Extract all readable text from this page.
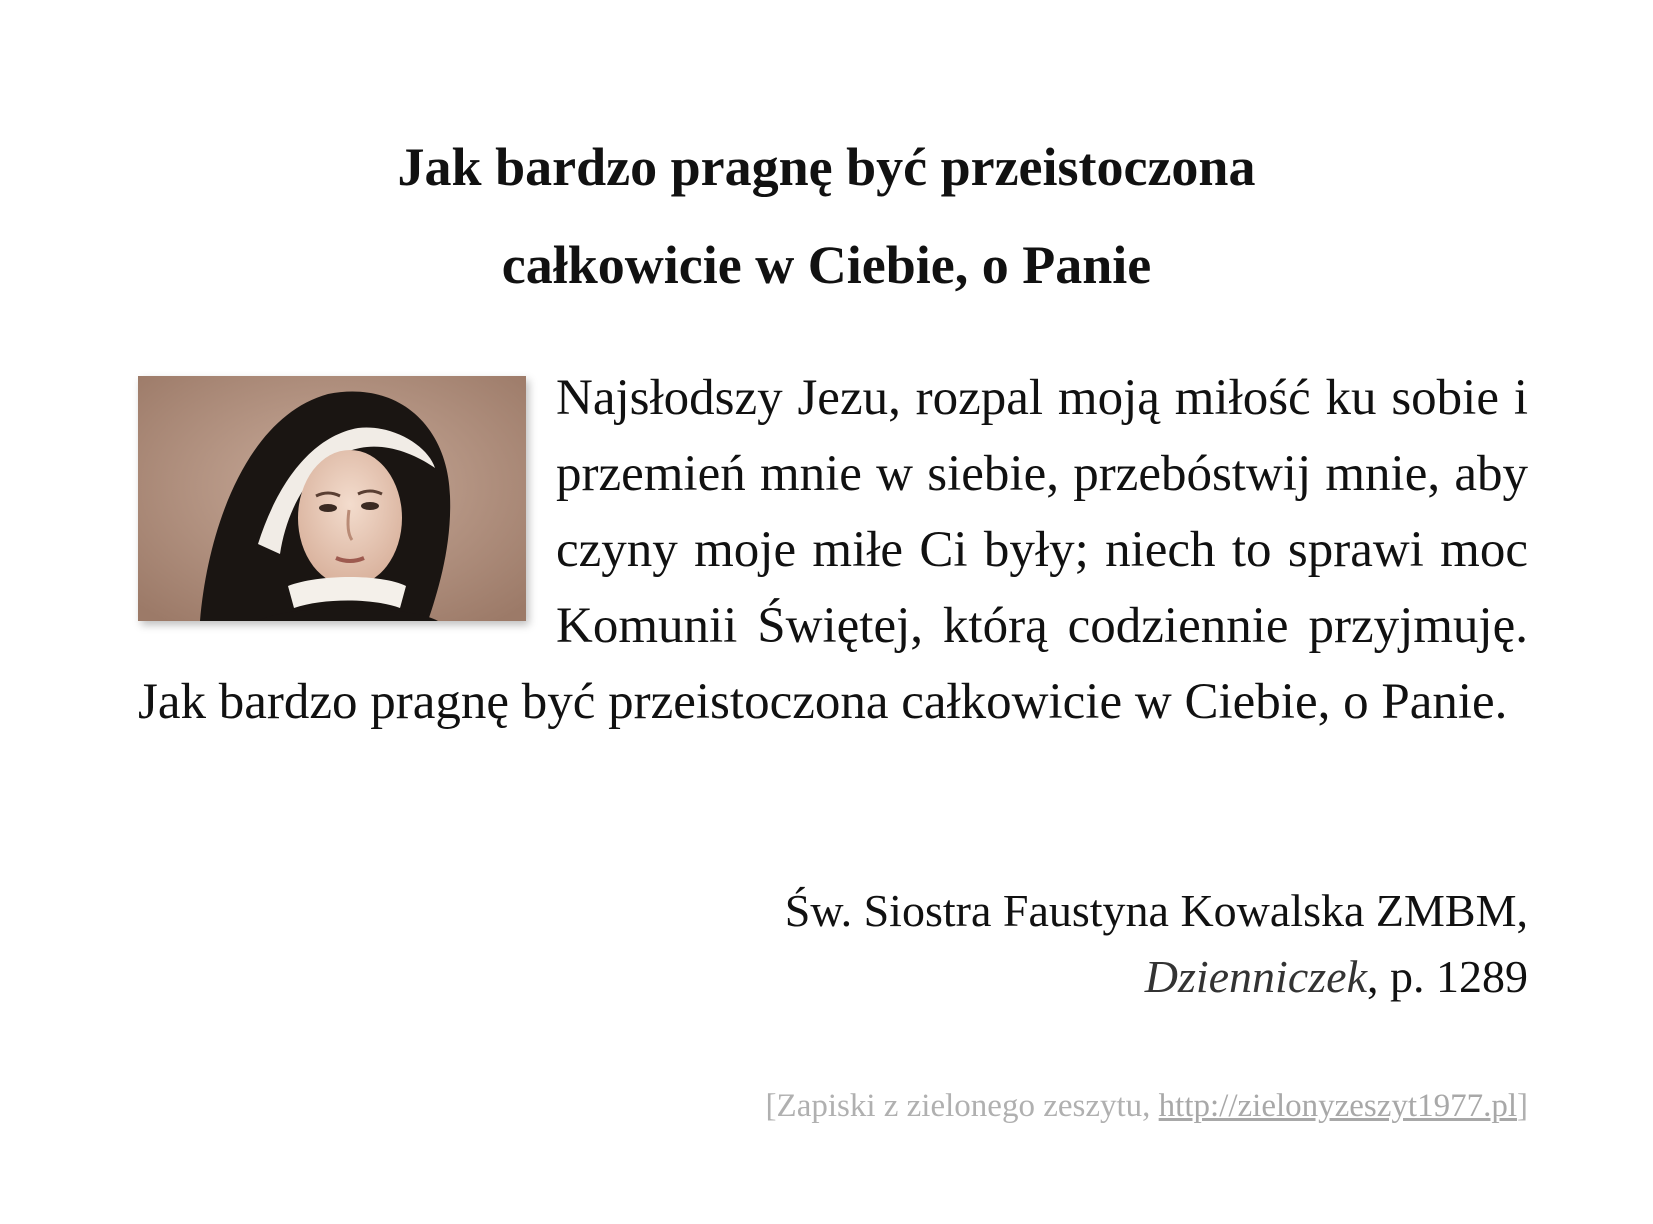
Jak bardzo pragnę być przeistoczona
całkowicie w Ciebie, o Panie
Najsłodszy Jezu, rozpal moją miłość ku sobie i przemień mnie w siebie, przebóstwij mnie, aby czyny moje miłe Ci były; niech to sprawi moc Komunii Świętej, którą codziennie przyjmuję. Jak bardzo pragnę być przeistoczona całkowicie w Ciebie, o Panie.
Św. Siostra Faustyna Kowalska ZMBM,
Dzienniczek, p. 1289
[Zapiski z zielonego zeszytu, http://zielonyzeszyt1977.pl]
